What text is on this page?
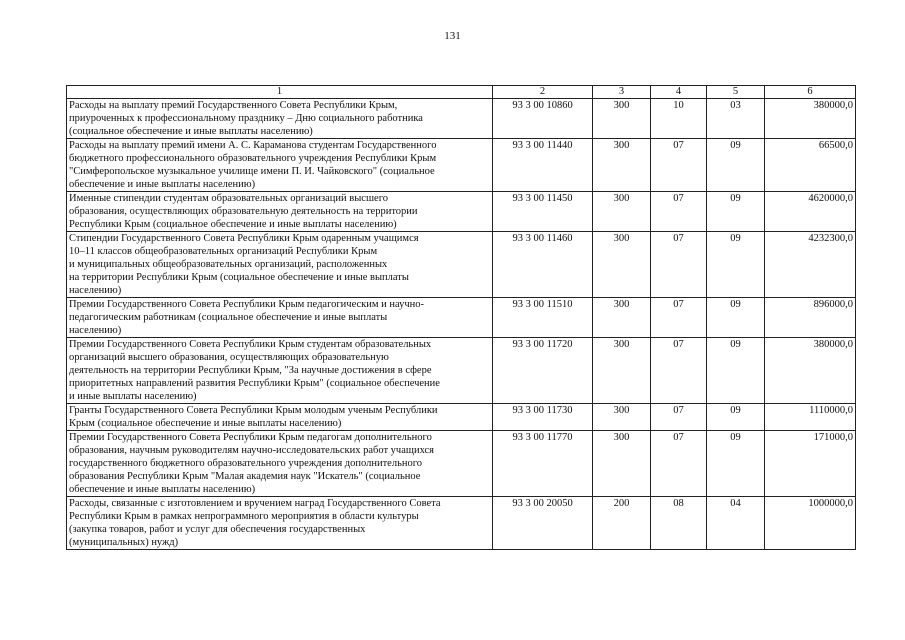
131
1	2	3	4	5	6
Расходы на выплату премий Государственного Совета Республики Крым,
приуроченных к профессиональному празднику – Дню социального работника
(социальное обеспечение и иные выплаты населению)	93 3 00 10860	300	10	03	380000,0
Расходы на выплату премий имени А. С. Караманова студентам Государственного
бюджетного профессионального образовательного учреждения Республики Крым
"Симферопольское музыкальное училище имени П. И. Чайковского" (социальное
обеспечение и иные выплаты населению)	93 3 00 11440	300	07	09	66500,0
Именные стипендии студентам образовательных организаций высшего
образования, осуществляющих образовательную деятельность на территории
Республики Крым (социальное обеспечение и иные выплаты населению)	93 3 00 11450	300	07	09	4620000,0
Стипендии Государственного Совета Республики Крым одаренным учащимся
10–11 классов общеобразовательных организаций Республики Крым
и муниципальных общеобразовательных организаций, расположенных
на территории Республики Крым (социальное обеспечение и иные выплаты
населению)	93 3 00 11460	300	07	09	4232300,0
Премии Государственного Совета Республики Крым педагогическим и научно-
педагогическим работникам (социальное обеспечение и иные выплаты
населению)	93 3 00 11510	300	07	09	896000,0
Премии Государственного Совета Республики Крым студентам образовательных
организаций высшего образования, осуществляющих образовательную
деятельность на территории Республики Крым, "За научные достижения в сфере
приоритетных направлений развития Республики Крым" (социальное обеспечение
и иные выплаты населению)	93 3 00 11720	300	07	09	380000,0
Гранты Государственного Совета Республики Крым молодым ученым Республики
Крым (социальное обеспечение и иные выплаты населению)	93 3 00 11730	300	07	09	1110000,0
Премии Государственного Совета Республики Крым педагогам дополнительного
образования, научным руководителям научно-исследовательских работ учащихся
государственного бюджетного образовательного учреждения дополнительного
образования Республики Крым "Малая академия наук "Искатель" (социальное
обеспечение и иные выплаты населению)	93 3 00 11770	300	07	09	171000,0
Расходы, связанные с изготовлением и вручением наград Государственного Совета
Республики Крым в рамках непрограммного мероприятия в области культуры
(закупка товаров, работ и услуг для обеспечения государственных
(муниципальных) нужд)	93 3 00 20050	200	08	04	1000000,0
